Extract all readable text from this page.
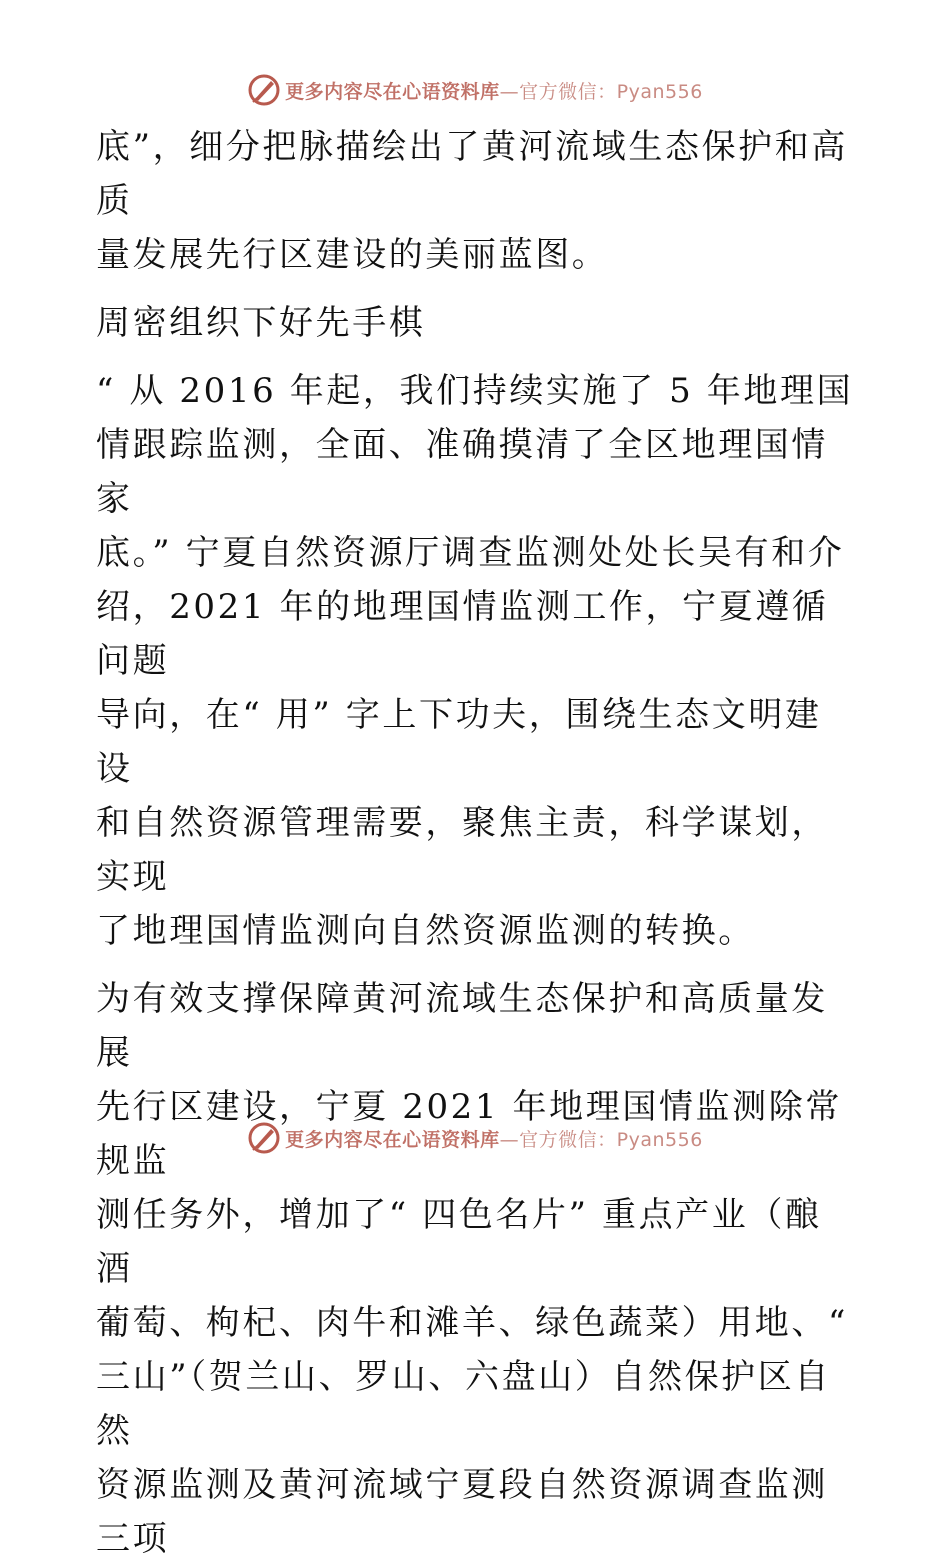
更多内容尽在心语资料库—官方微信：Pyan556

底”，细分把脉描绘出了黄河流域生态保护和高质

量发展先行区建设的美丽蓝图。

周密组织下好先手棋

“ 从 2016 年起，我们持续实施了 5 年地理国

情跟踪监测，全面、准确摸清了全区地理国情家

底。” 宁夏自然资源厅调查监测处处长吴有和介

绍，2021 年的地理国情监测工作，宁夏遵循问题

导向，在“ 用” 字上下功夫，围绕生态文明建设

和自然资源管理需要，聚焦主责，科学谋划，实现

了地理国情监测向自然资源监测的转换。

为有效支撑保障黄河流域生态保护和高质量发展

先行区建设，宁夏 2021 年地理国情监测除常规监

测任务外，增加了“ 四色名片” 重点产业（酿酒

葡萄、枸杞、肉牛和滩羊、绿色蔬菜）用地、“

三山”（贺兰山、罗山、六盘山）自然保护区自然

资源监测及黄河流域宁夏段自然资源调查监测三项

更多内容尽在心语资料库—官方微信：Pyan556
